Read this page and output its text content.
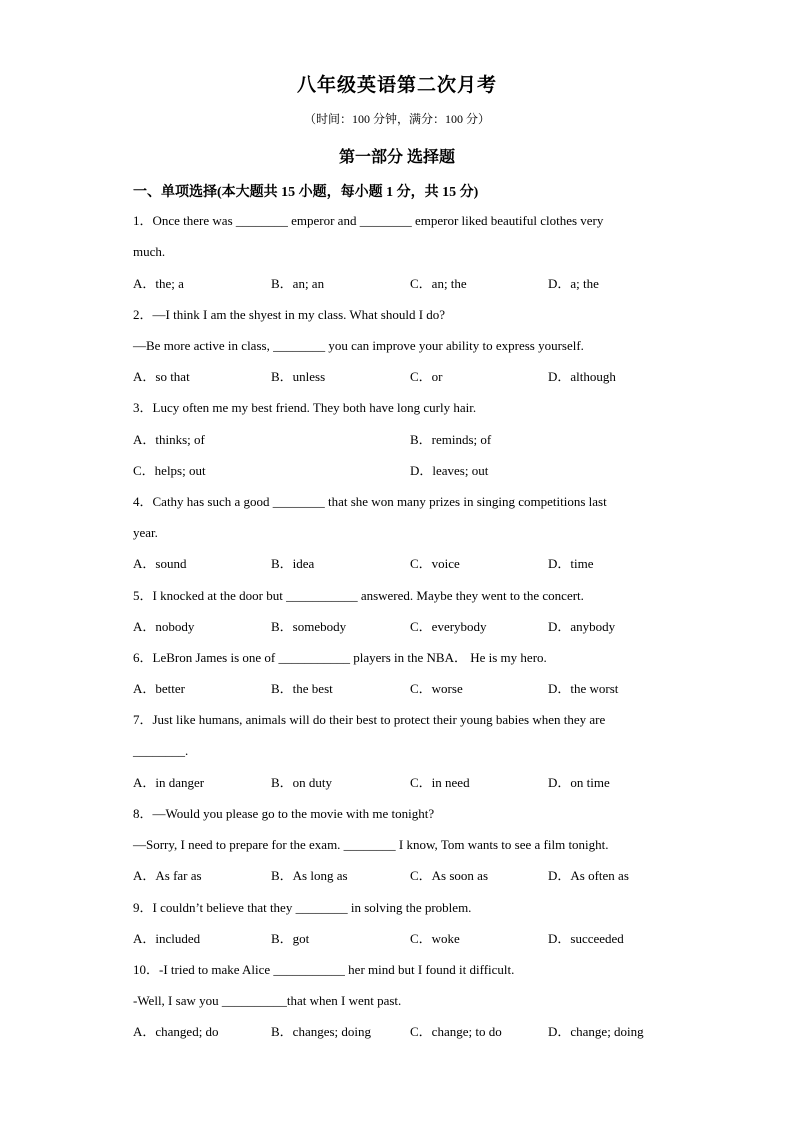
八年级英语第二次月考
（时间：100 分钟，满分：100 分）
第一部分 选择题
一、单项选择(本大题共 15 小题，每小题 1 分，共 15 分)
1．Once there was ________ emperor and ________ emperor liked beautiful clothes very
much.
A．the; a	B．an; an	C．an; the	D．a; the
2．—I think I am the shyest in my class. What should I do?
—Be more active in class, ________ you can improve your ability to express yourself.
A．so that	B．unless	C．or	D．although
3．Lucy often me my best friend. They both have long curly hair.
A．thinks; of	B．reminds; of
C．helps; out	D．leaves; out
4．Cathy has such a good ________ that she won many prizes in singing competitions last
year.
A．sound	B．idea	C．voice	D．time
5．I knocked at the door but ___________ answered. Maybe they went to the concert.
A．nobody	B．somebody	C．everybody	D．anybody
6．LeBron James is one of ___________ players in the NBA． He is my hero.
A．better	B．the best	C．worse	D．the worst
7．Just like humans, animals will do their best to protect their young babies when they are
________.
A．in danger	B．on duty	C．in need	D．on time
8．—Would you please go to the movie with me tonight?
—Sorry, I need to prepare for the exam. ________ I know, Tom wants to see a film tonight.
A．As far as	B．As long as	C．As soon as	D．As often as
9．I couldn’t believe that they ________ in solving the problem.
A．included	B．got	C．woke	D．succeeded
10．-I tried to make Alice ___________ her mind but I found it difficult.
-Well, I saw you __________that when I went past.
A．changed; do	B．changes; doing	C．change; to do	D．change; doing
